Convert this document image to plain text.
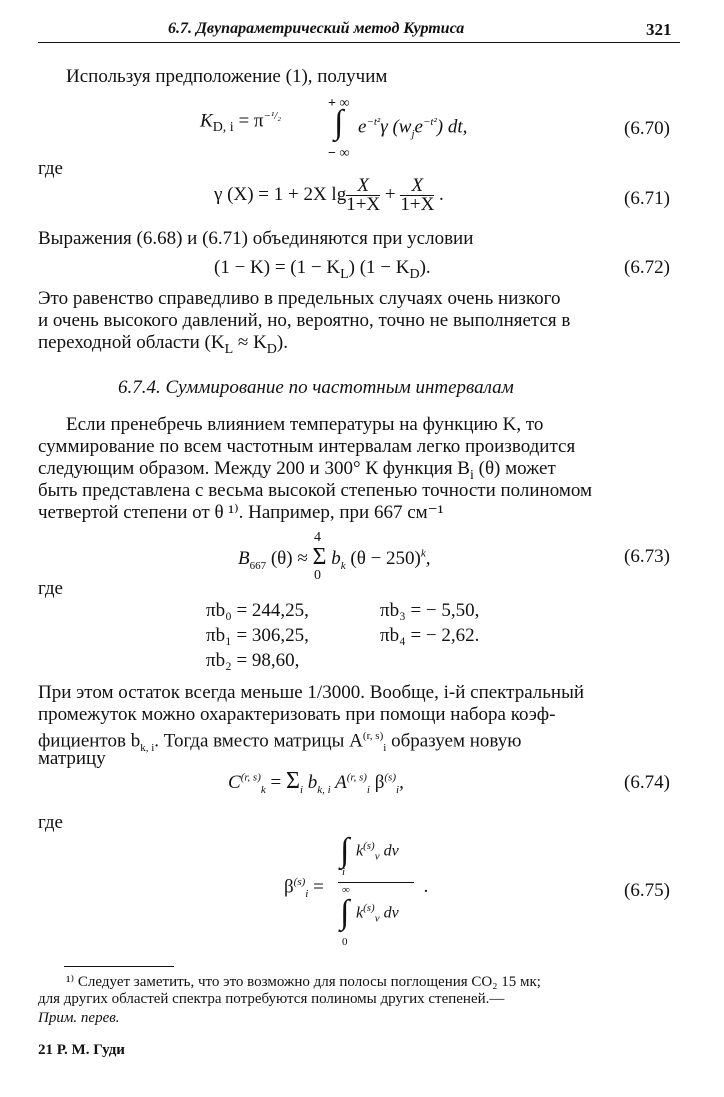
6.7. Двупараметрический метод Куртиса	321
Используя предположение (1), получим
$K_{D, i} = \pi^{-^1/_2}$
+ ∞
∫
− ∞
$e^{-t^2}\gamma$ $(w_je^{-t^2})$ dt,	(6.70)
где
γ (X) = 1 + 2X $\lg \frac{X}{1+X} + \frac{X}{1+X}$ .	(6.71)
Выражения (6.68) и (6.71) объединяются при условии
$(1 - K) = (1 - K_L)$ $(1 - K_D)$.	(6.72)
Это равенство справедливо в предельных случаях очень низкого
и очень высокого давлений, но, вероятно, точно не выполняется в
переходной области $(K_L \approx K_D)$.
6.7.4. Суммирование по частотным интервалам
Если пренебречь влиянием температуры на функцию K, то
суммирование по всем частотным интервалам легко производится
следующим образом. Между 200 и 300° К функция $B_i$ (θ) может
быть представлена с весьма высокой степенью точности полиномом
четвертой степени от θ ¹⁾. Например, при 667 см⁻¹
4
$B_{667}$ (θ) ≈ Σ $b_k$ $(\theta - 250)^k$,
0
(6.73)
где
πb₀ = 244,25,
πb₁ = 306,25,
πb₂ = 98,60,
πb₃ = − 5,50,
πb₄ = − 2,62.
При этом остаток всегда меньше 1/3000. Вообще, i-й спектральный
промежуток можно охарактеризовать при помощи набора коэф-
фициентов $b_{k, i}$. Тогда вместо матрицы A$^{(r, s)}_i$ образуем новую
матрицу
$C^{(r, s)}_k = \Sigma_i$ $b_{k, i}$ A$^{(r, s)}_i$ $\beta^{(s)}_i$,	(6.74)
где
$\beta^{(s)}_i$ =
∫
i
$k^{(s)}_\nu$ dν
∞
∫
0
$k^{(s)}_\nu$ dν
.	(6.75)
¹⁾ Следует заметить, что это возможно для полосы поглощения CO₂ 15 мк;
для других областей спектра потребуются полиномы других степеней.—
Прим. перев.
21 Р. М. Гуди
